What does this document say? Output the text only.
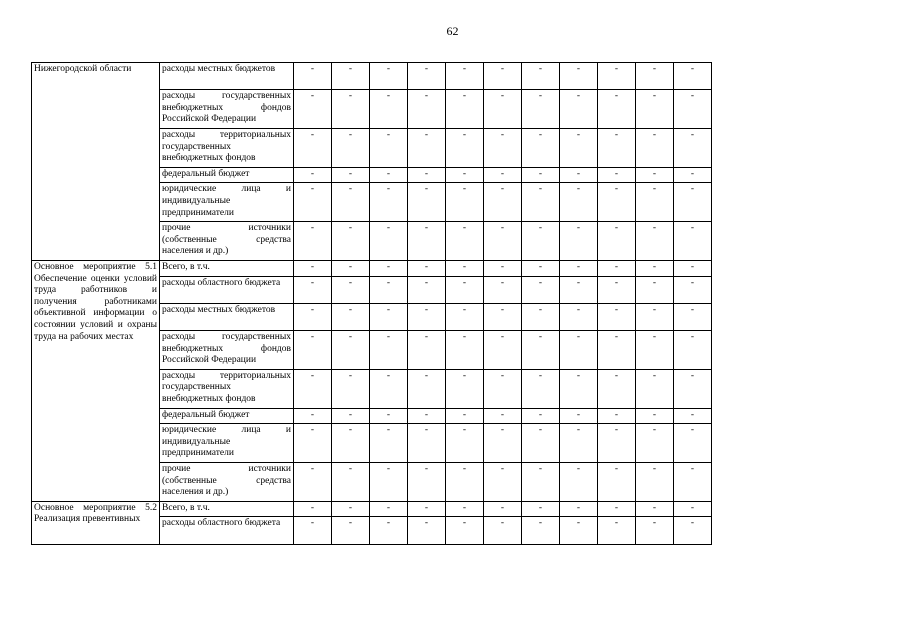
62
Нижегородской области	расходы местных бюджетов	-	-	-	-	-	-	-	-	-	-	-
	расходы государственных внебюджетных фондов Российской Федерации	-	-	-	-	-	-	-	-	-	-	-
	расходы территориальных государственных внебюджетных фондов	-	-	-	-	-	-	-	-	-	-	-
	федеральный бюджет	-	-	-	-	-	-	-	-	-	-	-
	юридические лица и индивидуальные предприниматели	-	-	-	-	-	-	-	-	-	-	-
	прочие источники (собственные средства населения и др.)	-	-	-	-	-	-	-	-	-	-	-

Основное мероприятие 5.1 Обеспечение оценки условий труда работников и получения работниками объективной информации о состоянии условий и охраны труда на рабочих местах	Всего, в т.ч.	-	-	-	-	-	-	-	-	-	-	-
	расходы областного бюджета	-	-	-	-	-	-	-	-	-	-	-
	расходы местных бюджетов	-	-	-	-	-	-	-	-	-	-	-
	расходы государственных внебюджетных фондов Российской Федерации	-	-	-	-	-	-	-	-	-	-	-
	расходы территориальных государственных внебюджетных фондов	-	-	-	-	-	-	-	-	-	-	-
	федеральный бюджет	-	-	-	-	-	-	-	-	-	-	-
	юридические лица и индивидуальные предприниматели	-	-	-	-	-	-	-	-	-	-	-
	прочие источники (собственные средства населения и др.)	-	-	-	-	-	-	-	-	-	-	-

Основное мероприятие 5.2 Реализация превентивных	Всего, в т.ч.	-	-	-	-	-	-	-	-	-	-	-
	расходы областного бюджета	-	-	-	-	-	-	-	-	-	-	-
